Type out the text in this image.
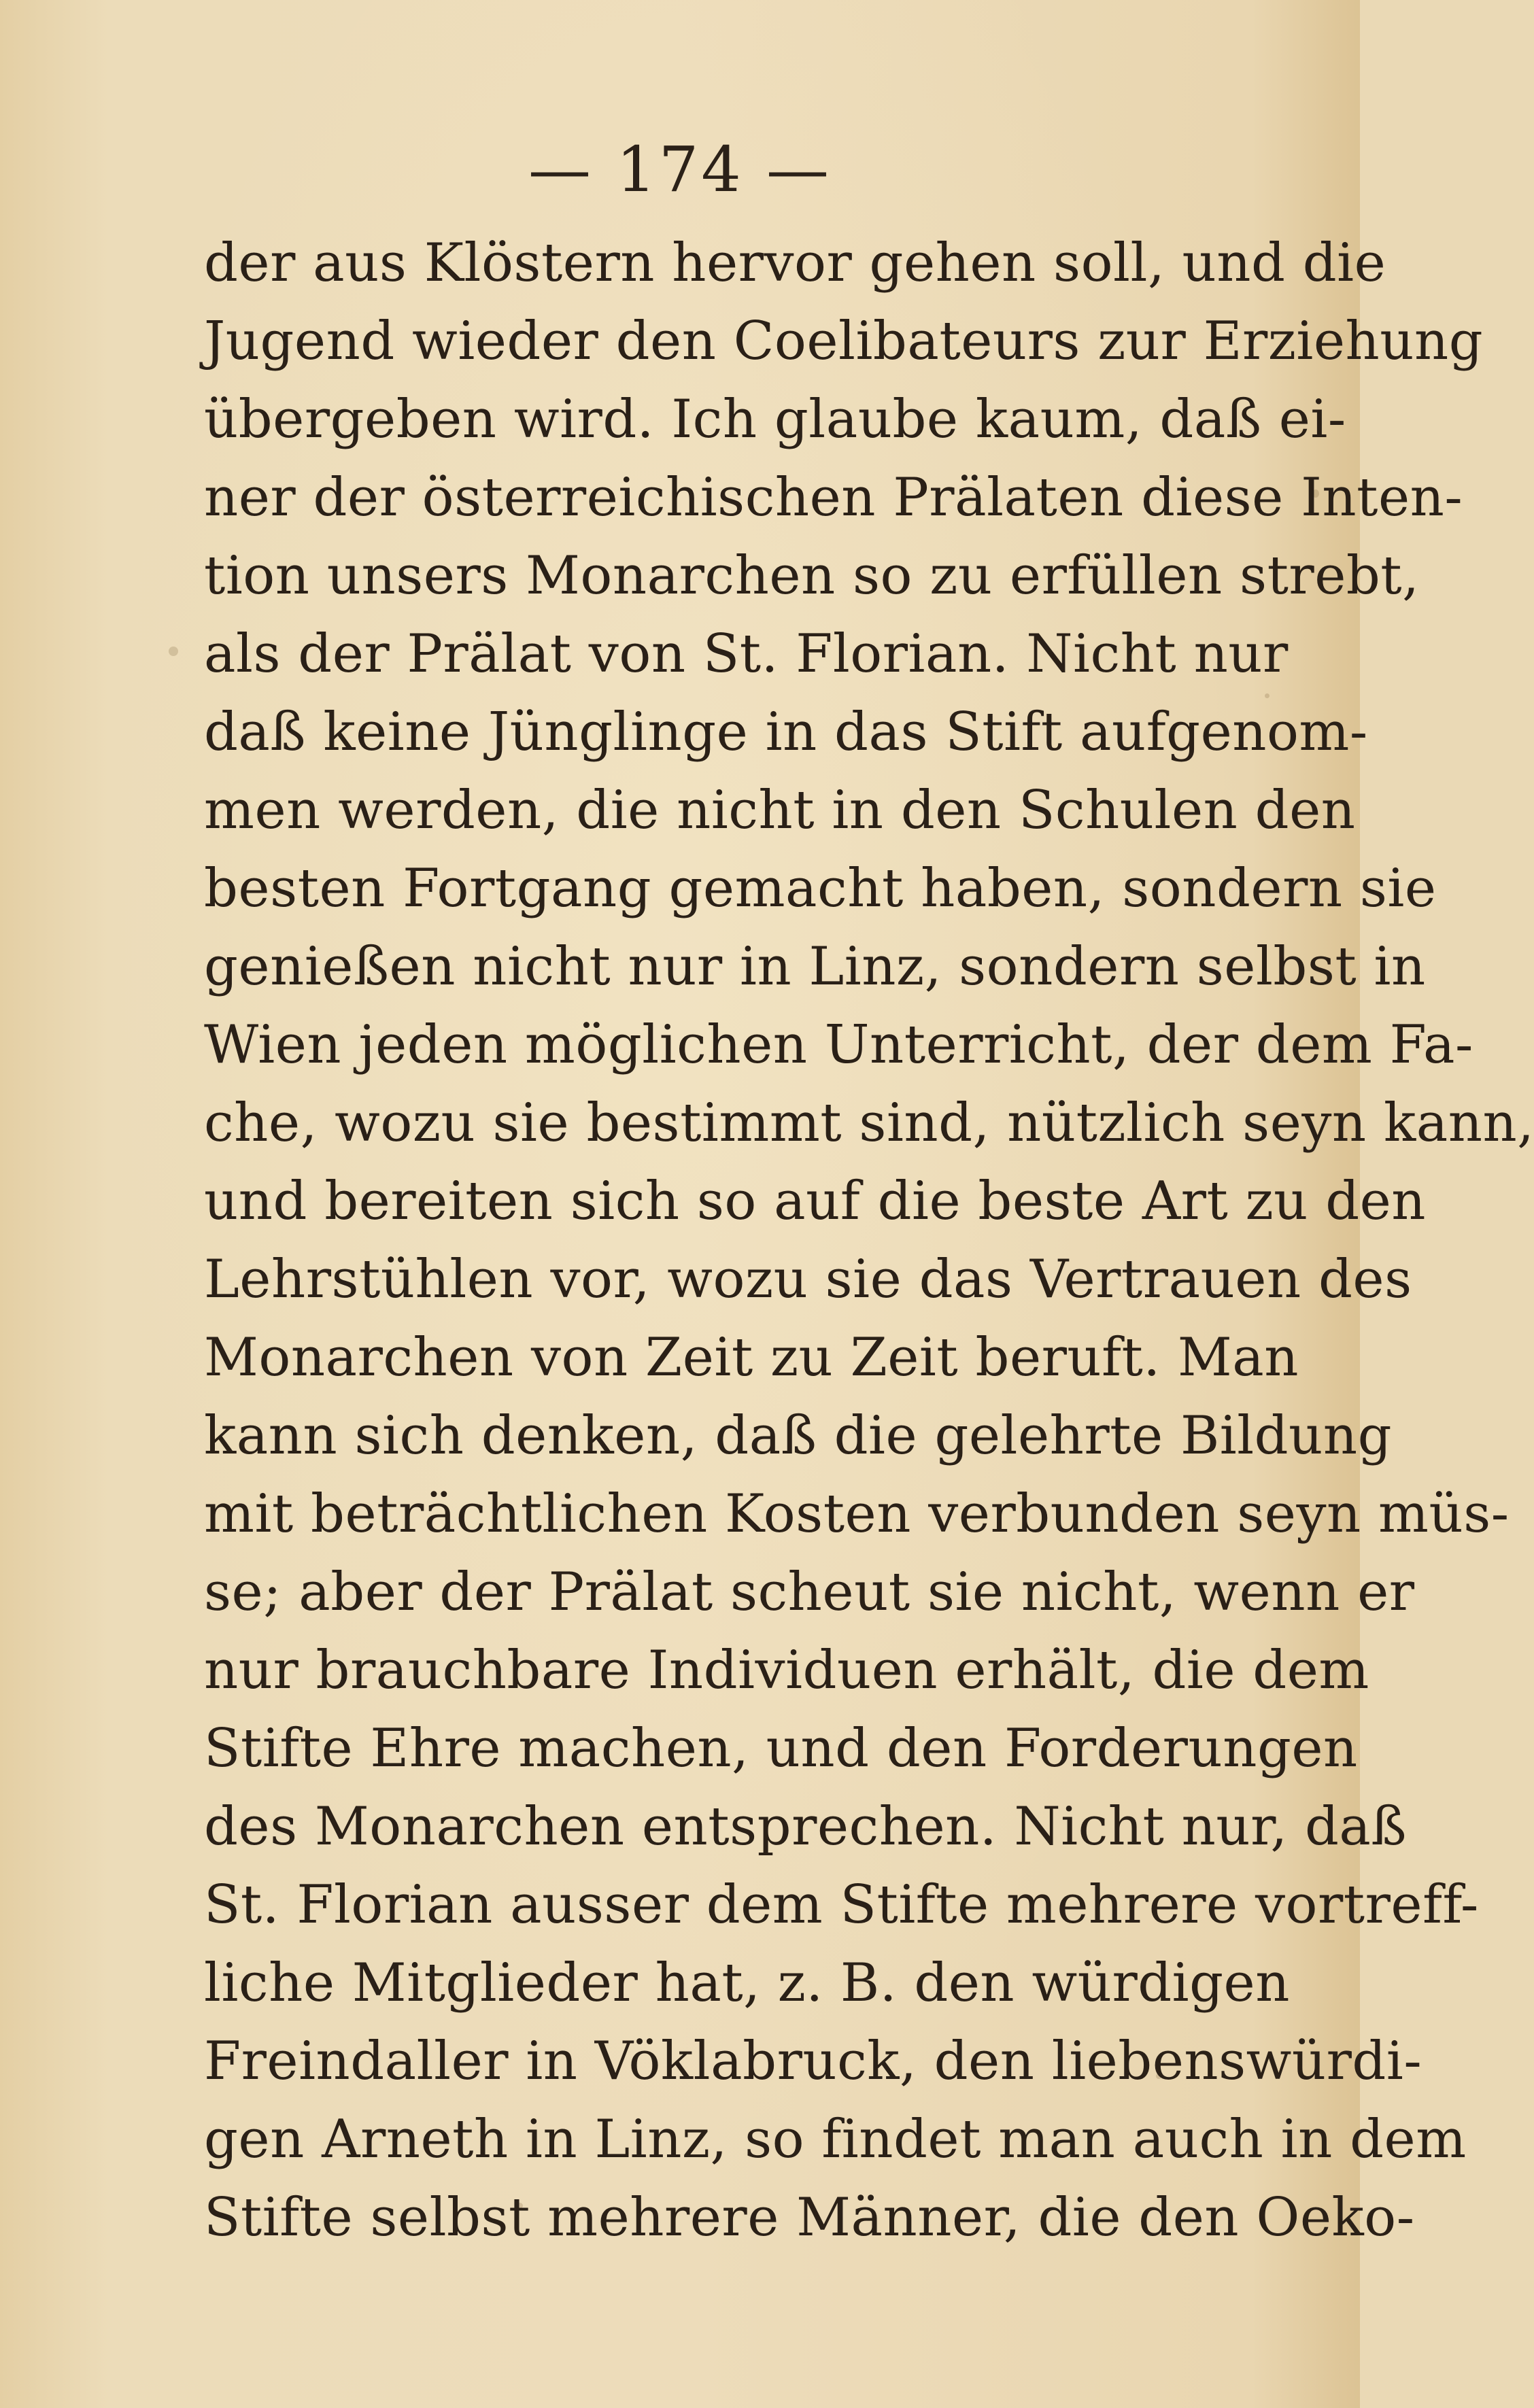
— 174 —
der aus Klöstern hervor gehen soll, und die
Jugend wieder den Coelibateurs zur Erziehung
übergeben wird. Ich glaube kaum, daß ei-
ner der österreichischen Prälaten diese Inten-
tion unsers Monarchen so zu erfüllen strebt,
als der Prälat von St. Florian. Nicht nur
daß keine Jünglinge in das Stift aufgenom-
men werden, die nicht in den Schulen den
besten Fortgang gemacht haben, sondern sie
genießen nicht nur in Linz, sondern selbst in
Wien jeden möglichen Unterricht, der dem Fa-
che, wozu sie bestimmt sind, nützlich seyn kann,
und bereiten sich so auf die beste Art zu den
Lehrstühlen vor, wozu sie das Vertrauen des
Monarchen von Zeit zu Zeit beruft. Man
kann sich denken, daß die gelehrte Bildung
mit beträchtlichen Kosten verbunden seyn müs-
se; aber der Prälat scheut sie nicht, wenn er
nur brauchbare Individuen erhält, die dem
Stifte Ehre machen, und den Forderungen
des Monarchen entsprechen. Nicht nur, daß
St. Florian ausser dem Stifte mehrere vortreff-
liche Mitglieder hat, z. B. den würdigen
Freindaller in Vöklabruck, den liebenswürdi-
gen Arneth in Linz, so findet man auch in dem
Stifte selbst mehrere Männer, die den Oeko-
